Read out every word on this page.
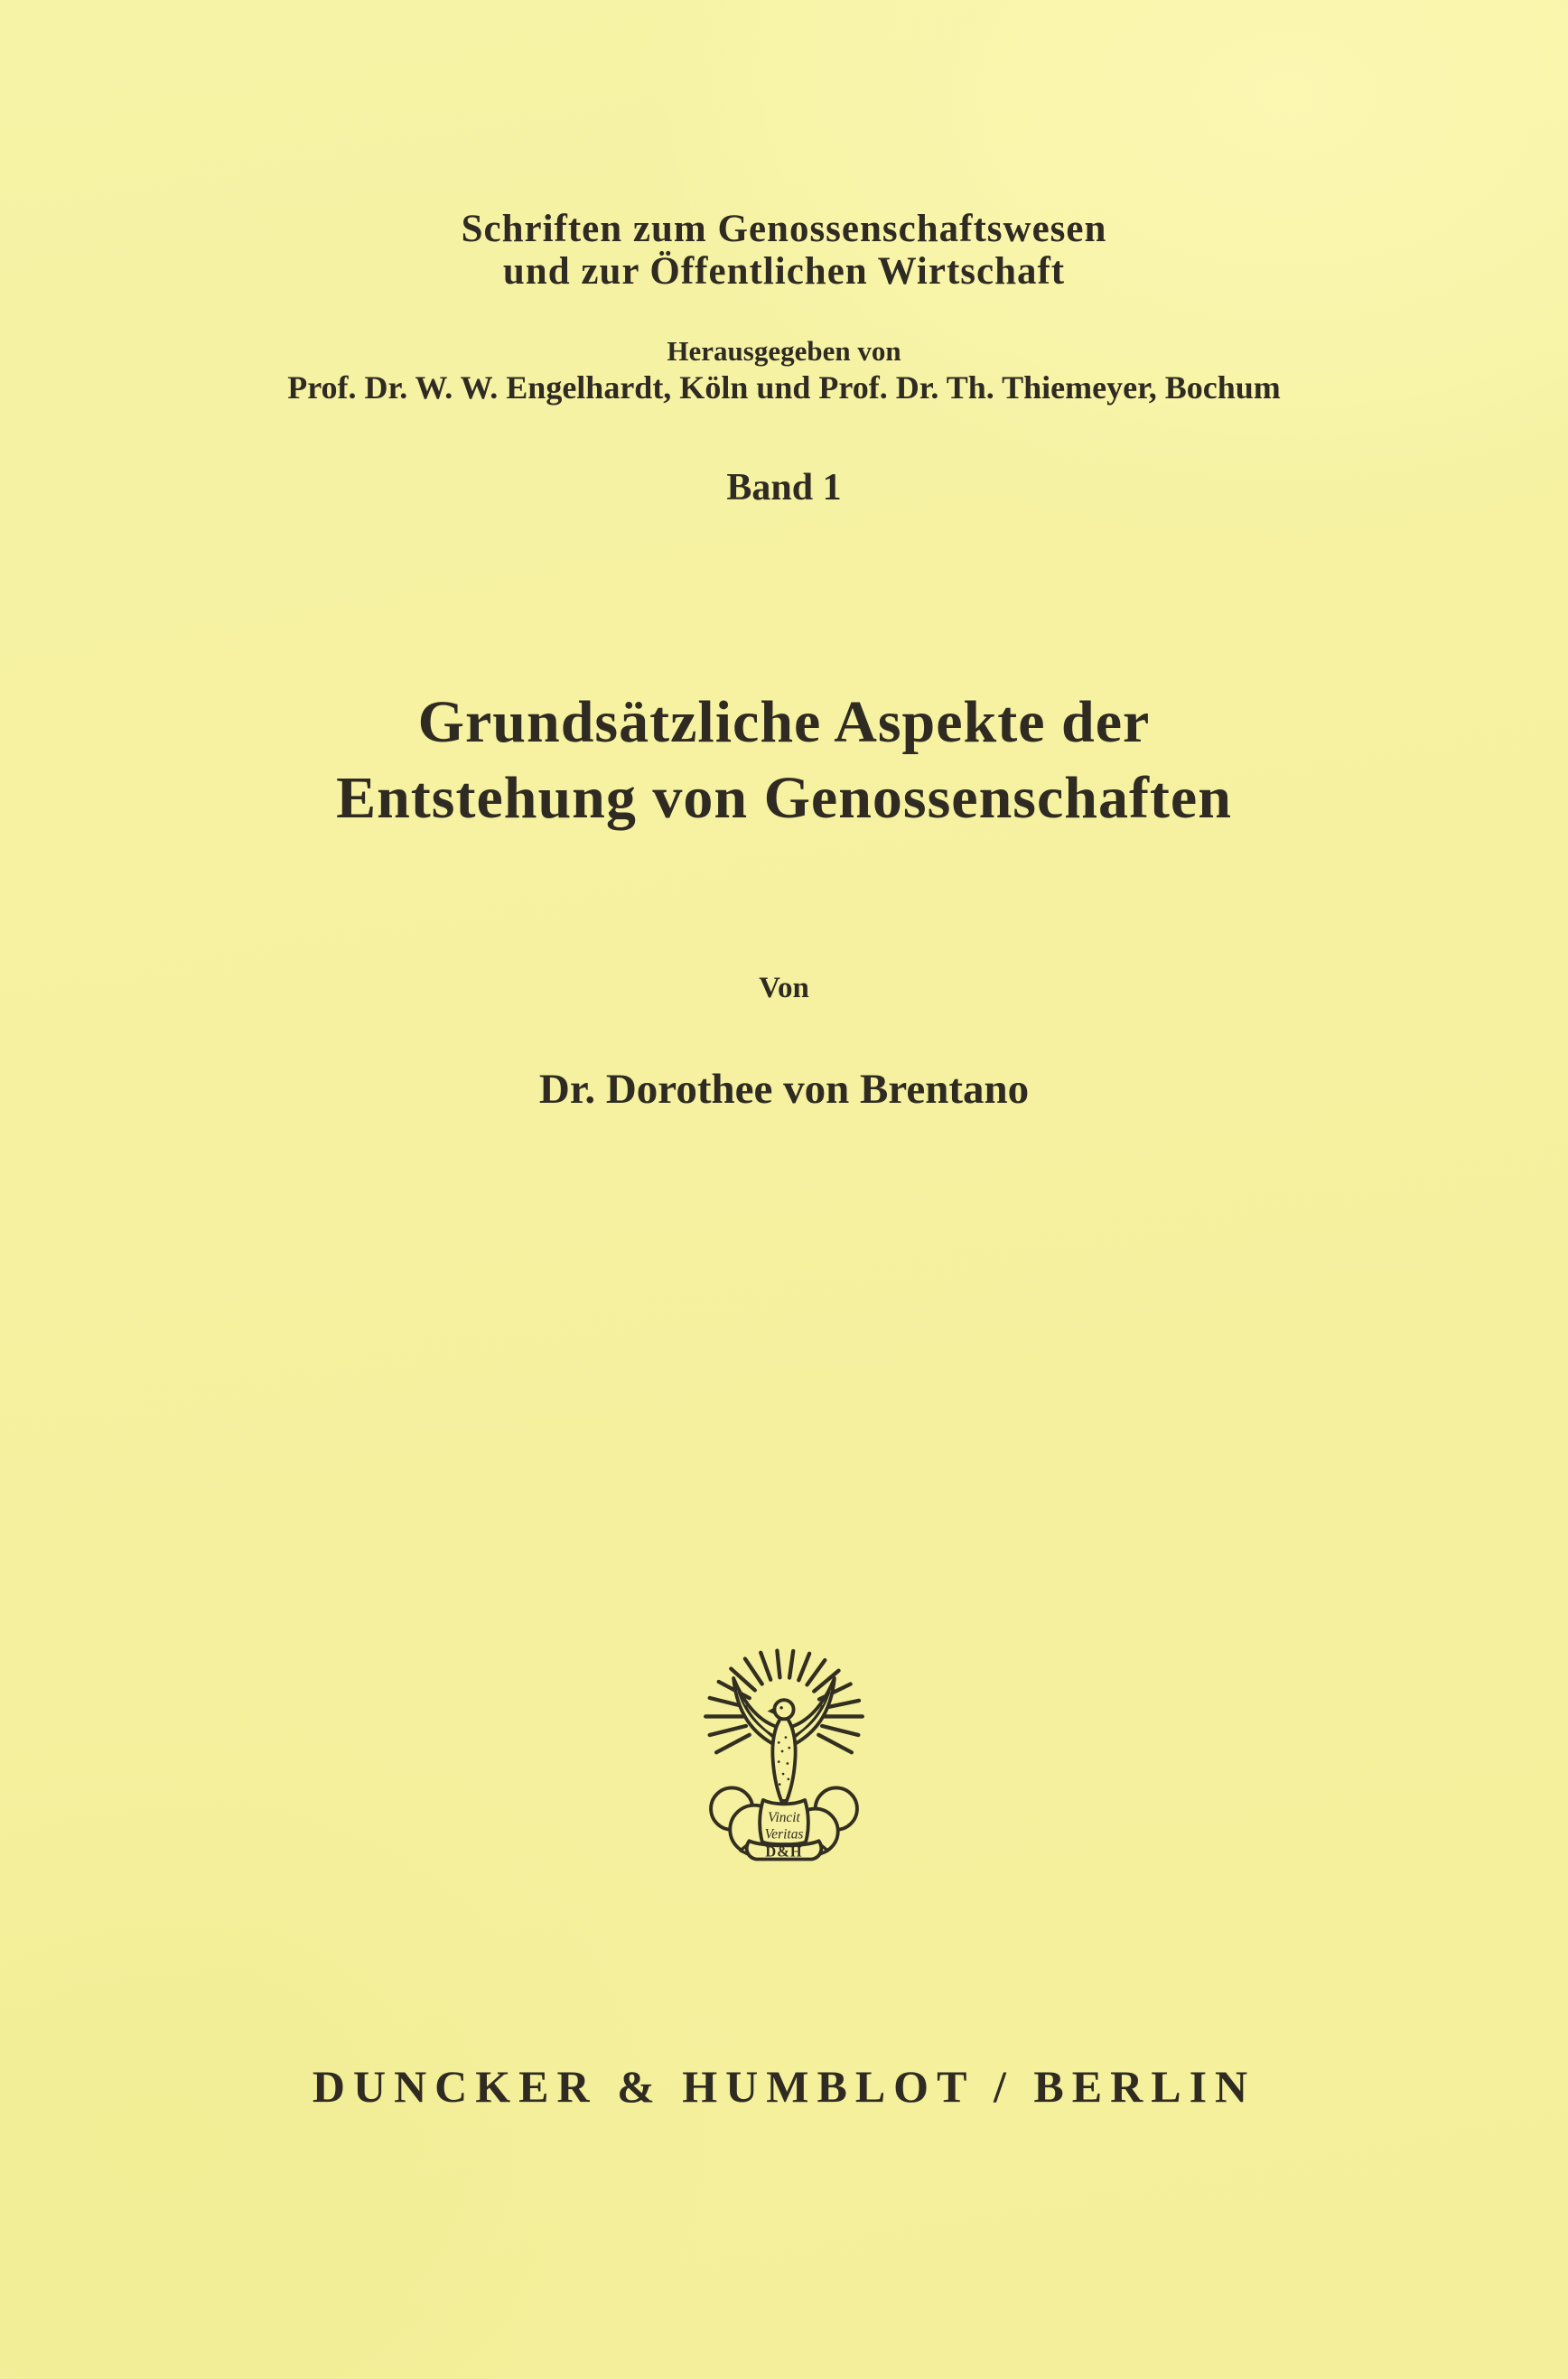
Schriften zum Genossenschaftswesen
und zur Öffentlichen Wirtschaft
Herausgegeben von
Prof. Dr. W. W. Engelhardt, Köln und Prof. Dr. Th. Thiemeyer, Bochum
Band 1
Grundsätzliche Aspekte der
Entstehung von Genossenschaften
Von
Dr. Dorothee von Brentano
Vincit
Veritas
D&H
DUNCKER & HUMBLOT / BERLIN
